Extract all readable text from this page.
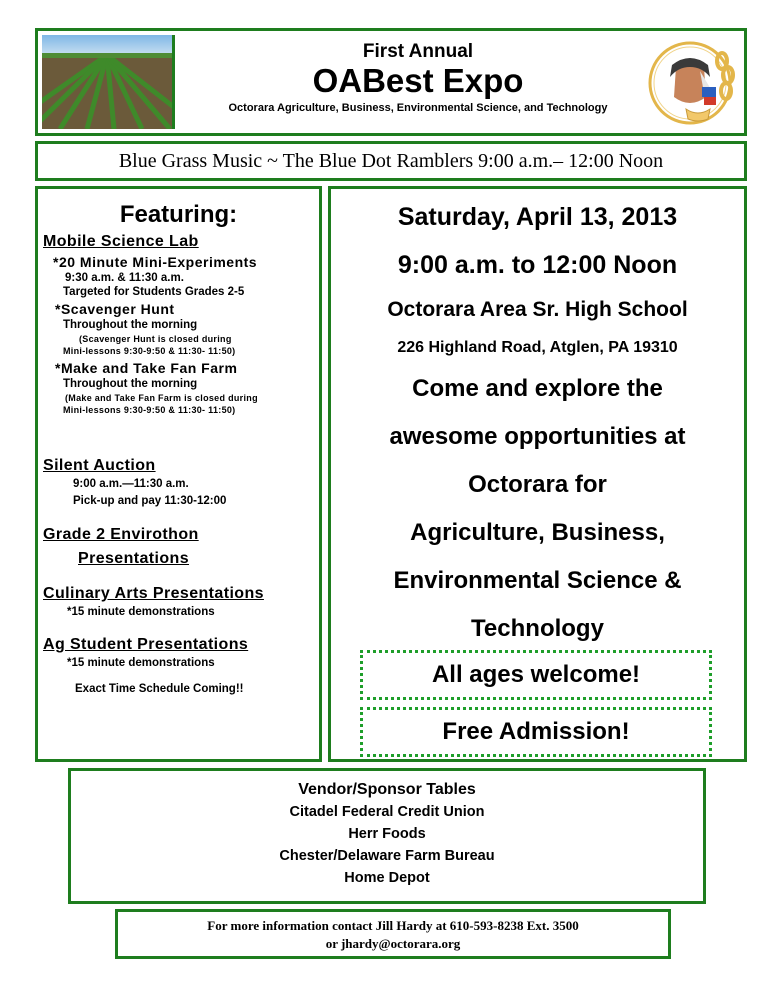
First Annual
OABest Expo
Octorara Agriculture, Business, Environmental Science, and Technology
Blue Grass Music ~ The Blue Dot Ramblers 9:00 a.m.– 12:00 Noon
Featuring:
Mobile Science Lab
*20 Minute Mini-Experiments
9:30 a.m. & 11:30 a.m.
Targeted for Students Grades 2-5
*Scavenger Hunt
Throughout the morning
(Scavenger Hunt is closed during
Mini-lessons 9:30-9:50 & 11:30- 11:50)
*Make and Take Fan Farm
Throughout the morning
(Make and Take Fan Farm is closed during
Mini-lessons 9:30-9:50 & 11:30- 11:50)
Silent Auction
9:00 a.m.—11:30 a.m.
Pick-up and pay 11:30-12:00
Grade 2 Envirothon
Presentations
Culinary Arts Presentations
*15 minute demonstrations
Ag Student Presentations
*15 minute demonstrations
Exact Time Schedule Coming!!
Saturday, April 13, 2013
9:00 a.m. to 12:00 Noon
Octorara Area Sr. High School
226 Highland Road, Atglen, PA 19310
Come and explore the
awesome opportunities at
Octorara for
Agriculture, Business,
Environmental Science &
Technology
All ages welcome!
Free Admission!
Vendor/Sponsor Tables
Citadel Federal Credit Union
Herr Foods
Chester/Delaware Farm Bureau
Home Depot
For more information contact Jill Hardy at 610-593-8238 Ext. 3500
or jhardy@octorara.org
